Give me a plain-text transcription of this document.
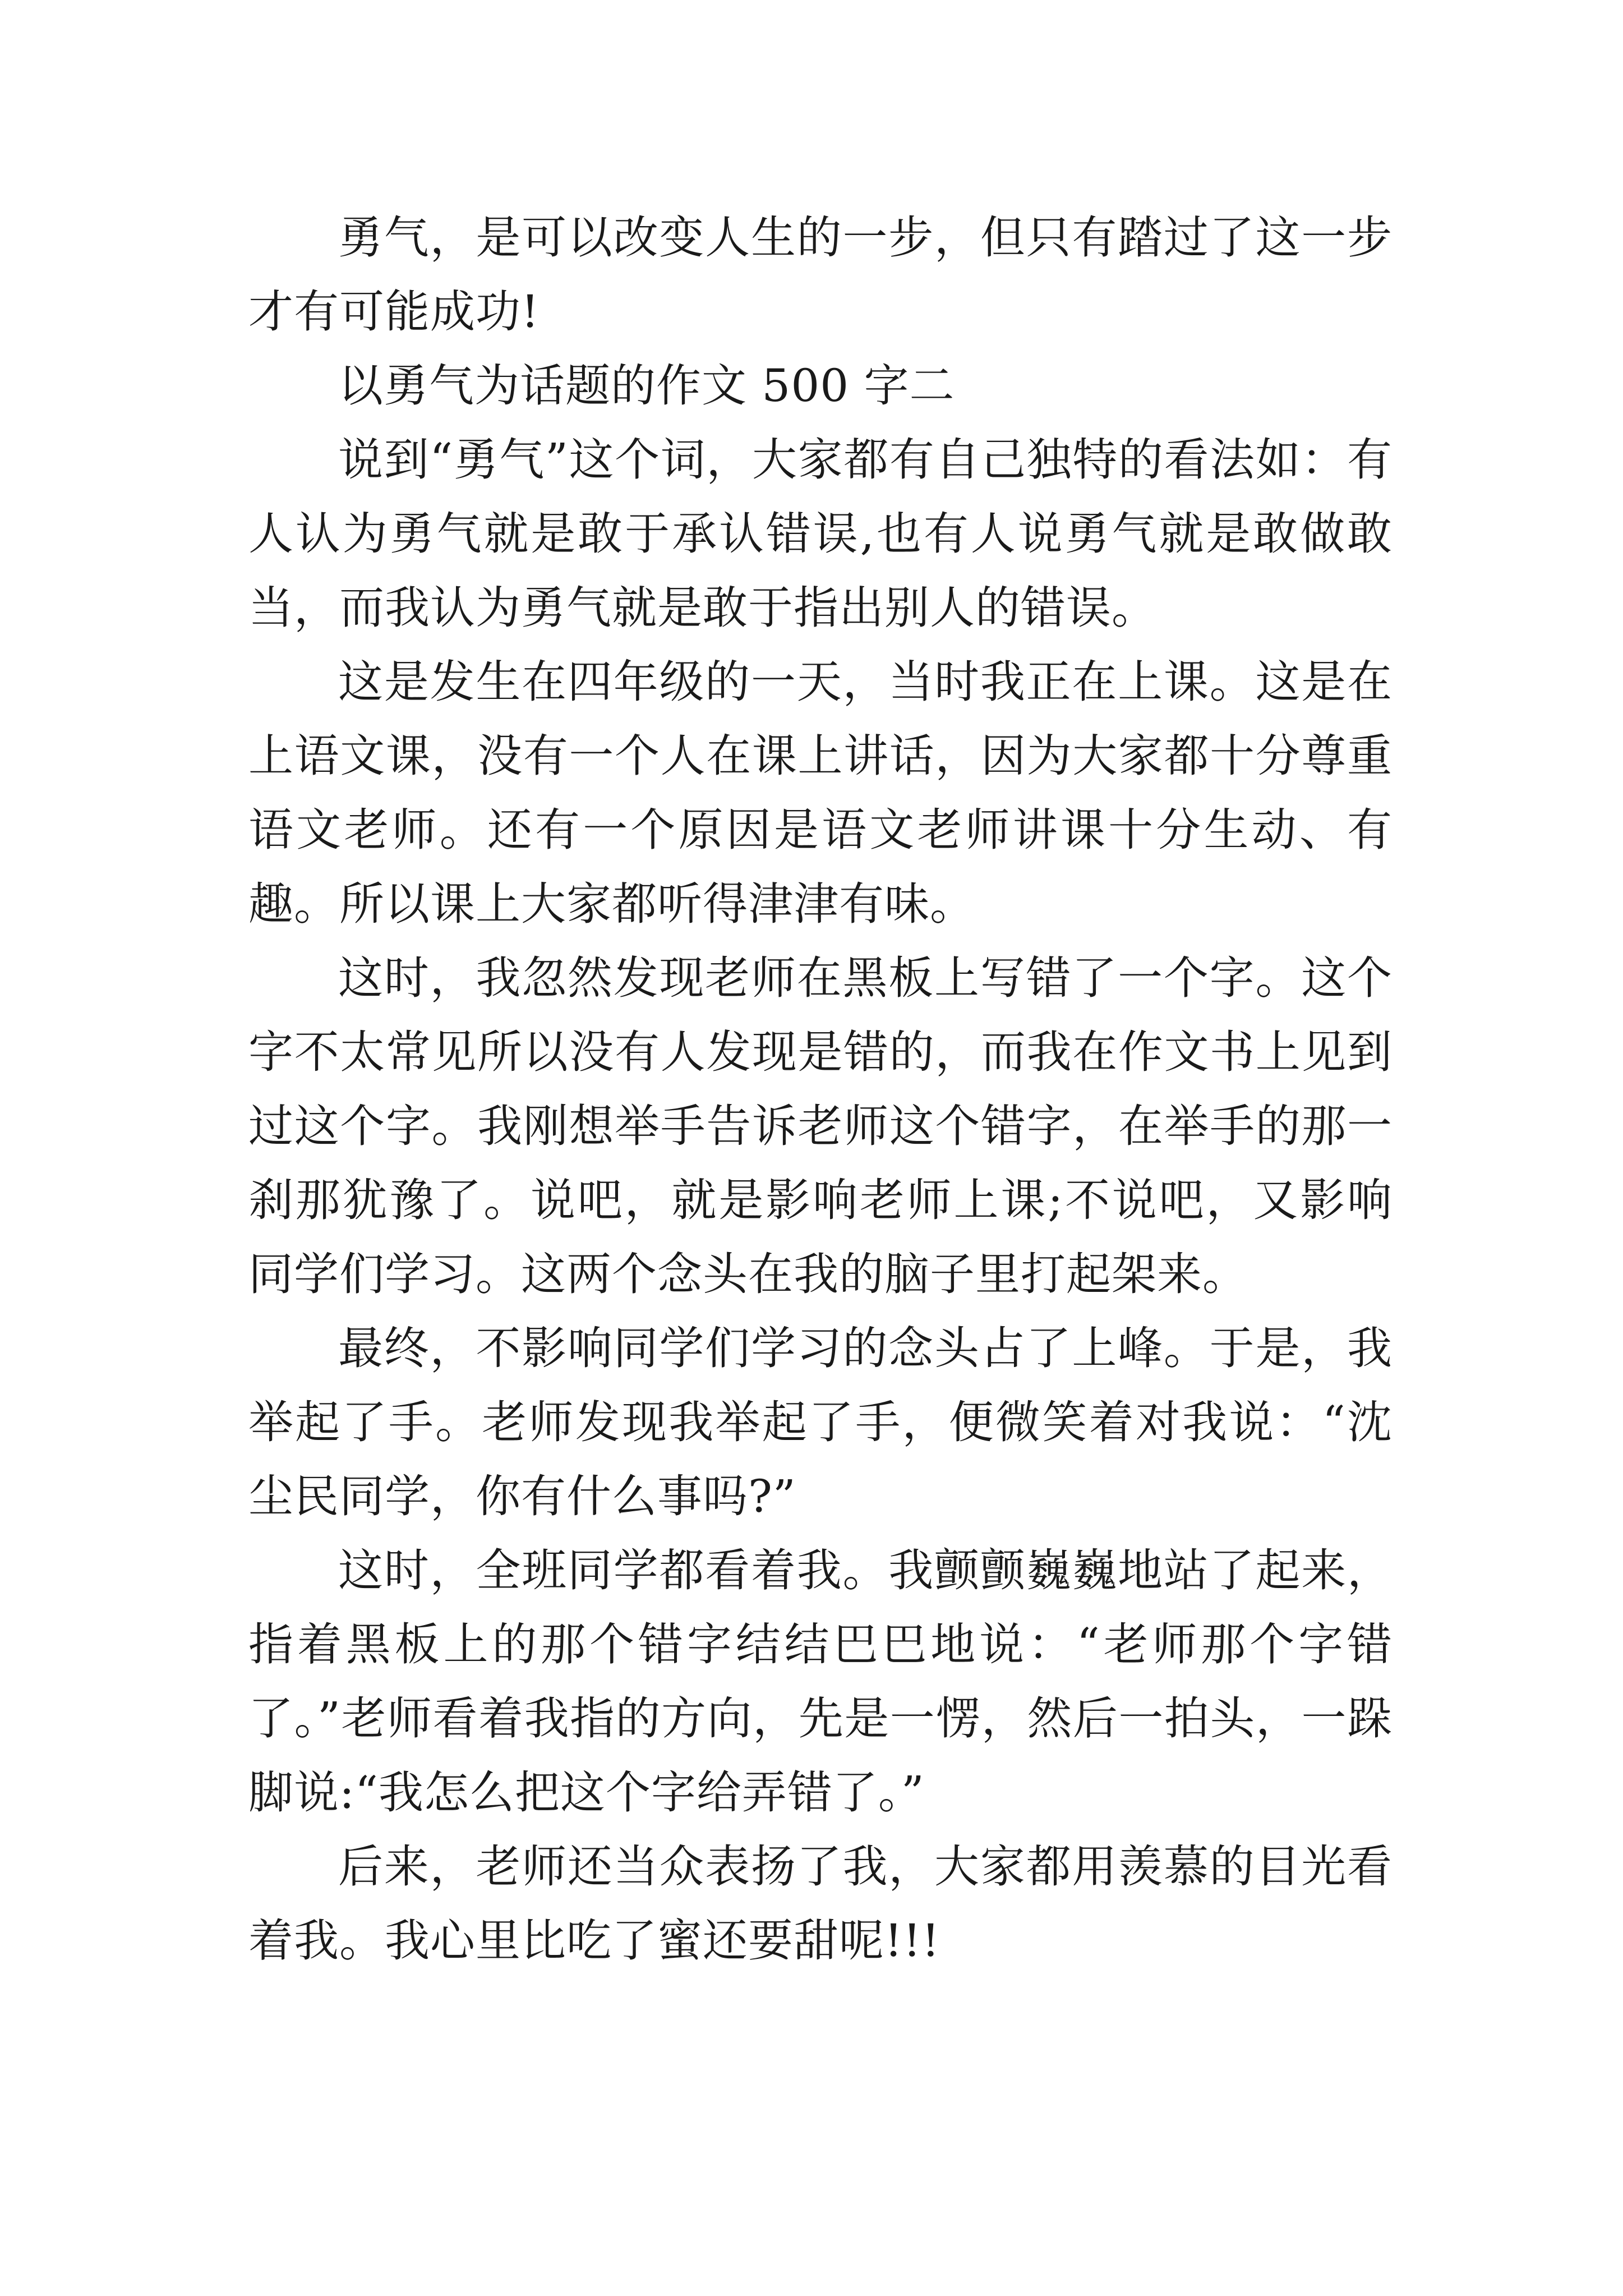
勇气，是可以改变人生的一步，但只有踏过了这一步才有可能成功!

以勇气为话题的作文 500 字二

说到“勇气”这个词，大家都有自己独特的看法如：有人认为勇气就是敢于承认错误,也有人说勇气就是敢做敢当，而我认为勇气就是敢于指出别人的错误。

这是发生在四年级的一天，当时我正在上课。这是在上语文课，没有一个人在课上讲话，因为大家都十分尊重语文老师。还有一个原因是语文老师讲课十分生动、有趣。所以课上大家都听得津津有味。

这时，我忽然发现老师在黑板上写错了一个字。这个字不太常见所以没有人发现是错的，而我在作文书上见到过这个字。我刚想举手告诉老师这个错字，在举手的那一刹那犹豫了。说吧，就是影响老师上课;不说吧，又影响同学们学习。这两个念头在我的脑子里打起架来。

最终，不影响同学们学习的念头占了上峰。于是，我举起了手。老师发现我举起了手，便微笑着对我说：“沈尘民同学，你有什么事吗?”

这时，全班同学都看着我。我颤颤巍巍地站了起来，指着黑板上的那个错字结结巴巴地说：“老师那个字错了。”老师看着我指的方向，先是一愣，然后一拍头，一跺脚说:“我怎么把这个字给弄错了。”

后来，老师还当众表扬了我，大家都用羡慕的目光看着我。我心里比吃了蜜还要甜呢!!!
